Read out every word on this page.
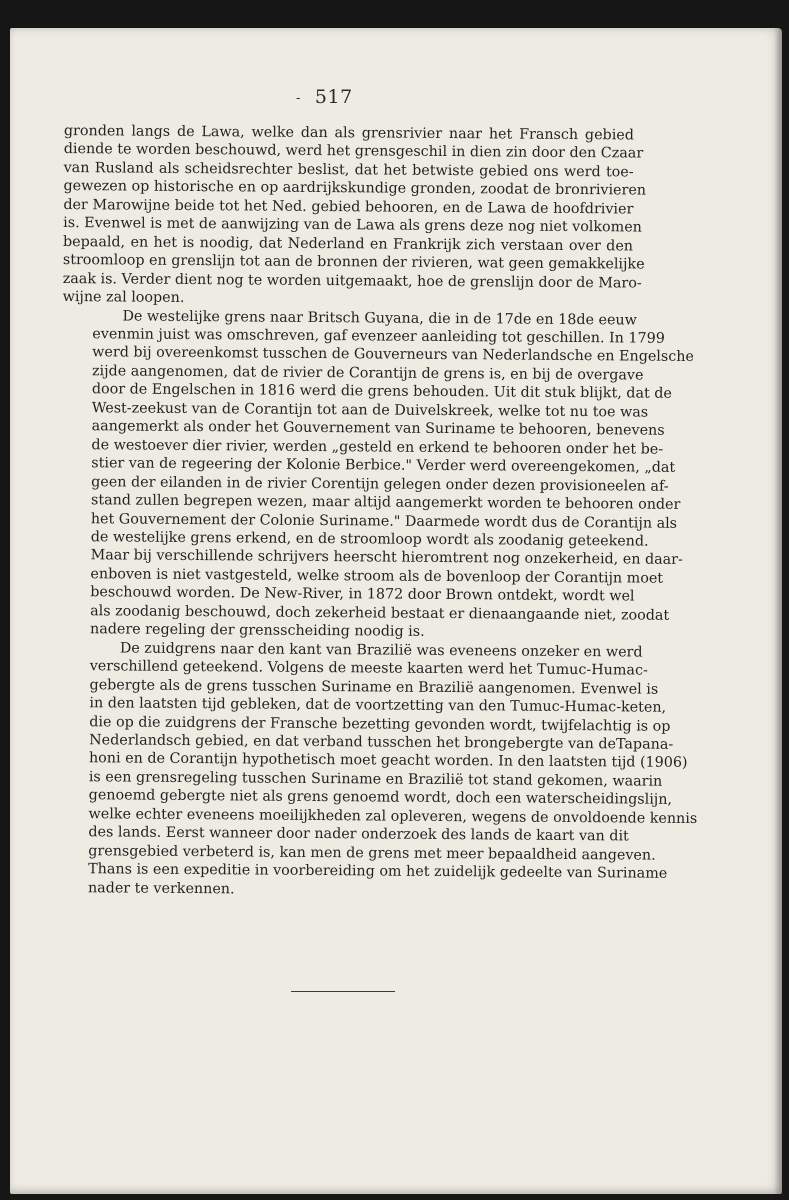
- 517
gronden langs de Lawa, welke dan als grensrivier naar het Fransch gebied
diende te worden beschouwd, werd het grensgeschil in dien zin door den Czaar
van Rusland als scheidsrechter beslist, dat het betwiste gebied ons werd toe-
gewezen op historische en op aardrijkskundige gronden, zoodat de bronrivieren
der Marowijne beide tot het Ned. gebied behooren, en de Lawa de hoofdrivier
is. Evenwel is met de aanwijzing van de Lawa als grens deze nog niet volkomen
bepaald, en het is noodig, dat Nederland en Frankrijk zich verstaan over den
stroomloop en grenslijn tot aan de bronnen der rivieren, wat geen gemakkelijke
zaak is. Verder dient nog te worden uitgemaakt, hoe de grenslijn door de Maro-
wijne zal loopen.
De westelijke grens naar Britsch Guyana, die in de 17de en 18de eeuw
evenmin juist was omschreven, gaf evenzeer aanleiding tot geschillen. In 1799
werd bij overeenkomst tusschen de Gouverneurs van Nederlandsche en Engelsche
zijde aangenomen, dat de rivier de Corantijn de grens is, en bij de overgave
door de Engelschen in 1816 werd die grens behouden. Uit dit stuk blijkt, dat de
West-zeekust van de Corantijn tot aan de Duivelskreek, welke tot nu toe was
aangemerkt als onder het Gouvernement van Suriname te behooren, benevens
de westoever dier rivier, werden „gesteld en erkend te behooren onder het be-
stier van de regeering der Kolonie Berbice." Verder werd overeengekomen, „dat
geen der eilanden in de rivier Corentijn gelegen onder dezen provisioneelen af-
stand zullen begrepen wezen, maar altijd aangemerkt worden te behooren onder
het Gouvernement der Colonie Suriname." Daarmede wordt dus de Corantijn als
de westelijke grens erkend, en de stroomloop wordt als zoodanig geteekend.
Maar bij verschillende schrijvers heerscht hieromtrent nog onzekerheid, en daar-
enboven is niet vastgesteld, welke stroom als de bovenloop der Corantijn moet
beschouwd worden. De New-River, in 1872 door Brown ontdekt, wordt wel
als zoodanig beschouwd, doch zekerheid bestaat er dienaangaande niet, zoodat
nadere regeling der grensscheiding noodig is.
De zuidgrens naar den kant van Brazilië was eveneens onzeker en werd
verschillend geteekend. Volgens de meeste kaarten werd het Tumuc-Humac-
gebergte als de grens tusschen Suriname en Brazilië aangenomen. Evenwel is
in den laatsten tijd gebleken, dat de voortzetting van den Tumuc-Humac-keten,
die op die zuidgrens der Fransche bezetting gevonden wordt, twijfelachtig is op
Nederlandsch gebied, en dat verband tusschen het brongebergte van deTapana-
honi en de Corantijn hypothetisch moet geacht worden. In den laatsten tijd (1906)
is een grensregeling tusschen Suriname en Brazilië tot stand gekomen, waarin
genoemd gebergte niet als grens genoemd wordt, doch een waterscheidingslijn,
welke echter eveneens moeilijkheden zal opleveren, wegens de onvoldoende kennis
des lands. Eerst wanneer door nader onderzoek des lands de kaart van dit
grensgebied verbeterd is, kan men de grens met meer bepaaldheid aangeven.
Thans is een expeditie in voorbereiding om het zuidelijk gedeelte van Suriname
nader te verkennen.
